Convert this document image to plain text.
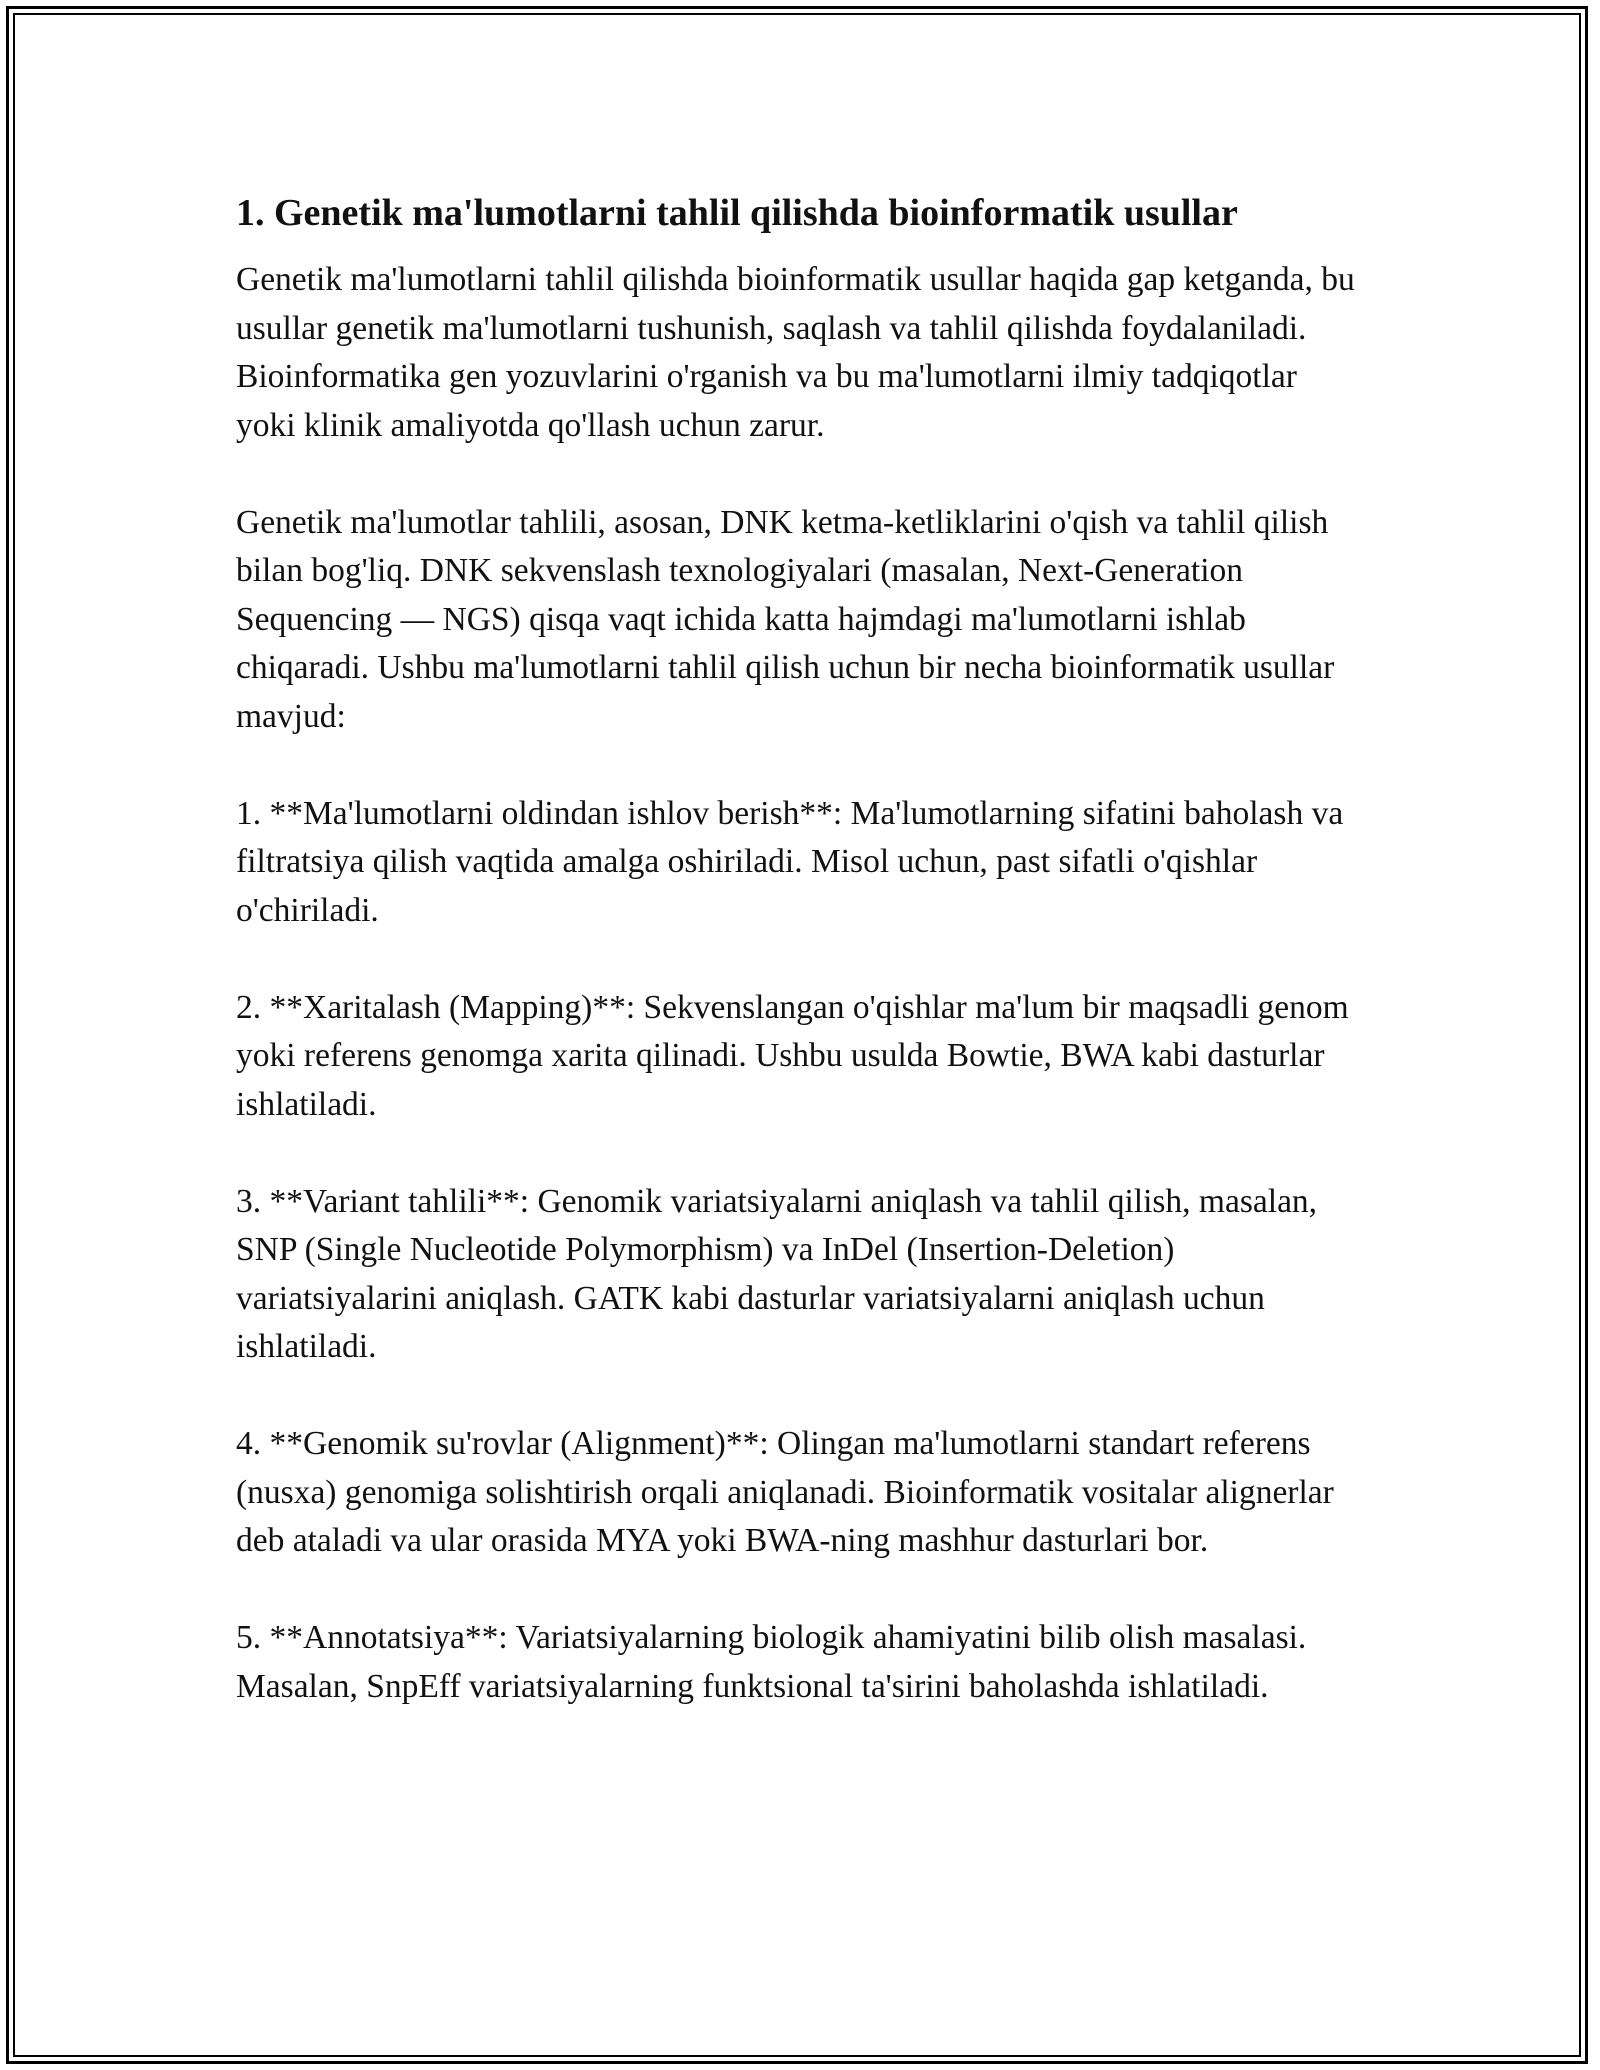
1. Genetik ma'lumotlarni tahlil qilishda bioinformatik usullar

Genetik ma'lumotlarni tahlil qilishda bioinformatik usullar haqida gap ketganda, bu usullar genetik ma'lumotlarni tushunish, saqlash va tahlil qilishda foydalaniladi. Bioinformatika gen yozuvlarini o'rganish va bu ma'lumotlarni ilmiy tadqiqotlar yoki klinik amaliyotda qo'llash uchun zarur.

Genetik ma'lumotlar tahlili, asosan, DNK ketma-ketliklarini o'qish va tahlil qilish bilan bog'liq. DNK sekvenslash texnologiyalari (masalan, Next-Generation Sequencing — NGS) qisqa vaqt ichida katta hajmdagi ma'lumotlarni ishlab chiqaradi. Ushbu ma'lumotlarni tahlil qilish uchun bir necha bioinformatik usullar mavjud:

1. **Ma'lumotlarni oldindan ishlov berish**: Ma'lumotlarning sifatini baholash va filtratsiya qilish vaqtida amalga oshiriladi. Misol uchun, past sifatli o'qishlar o'chiriladi.

2. **Xaritalash (Mapping)**: Sekvenslangan o'qishlar ma'lum bir maqsadli genom yoki referens genomga xarita qilinadi. Ushbu usulda Bowtie, BWA kabi dasturlar ishlatiladi.

3. **Variant tahlili**: Genomik variatsiyalarni aniqlash va tahlil qilish, masalan, SNP (Single Nucleotide Polymorphism) va InDel (Insertion-Deletion) variatsiyalarini aniqlash. GATK kabi dasturlar variatsiyalarni aniqlash uchun ishlatiladi.

4. **Genomik su'rovlar (Alignment)**: Olingan ma'lumotlarni standart referens (nusxa) genomiga solishtirish orqali aniqlanadi. Bioinformatik vositalar alignerlar deb ataladi va ular orasida MYA yoki BWA-ning mashhur dasturlari bor.

5. **Annotatsiya**: Variatsiyalarning biologik ahamiyatini bilib olish masalasi. Masalan, SnpEff variatsiyalarning funktsional ta'sirini baholashda ishlatiladi.
